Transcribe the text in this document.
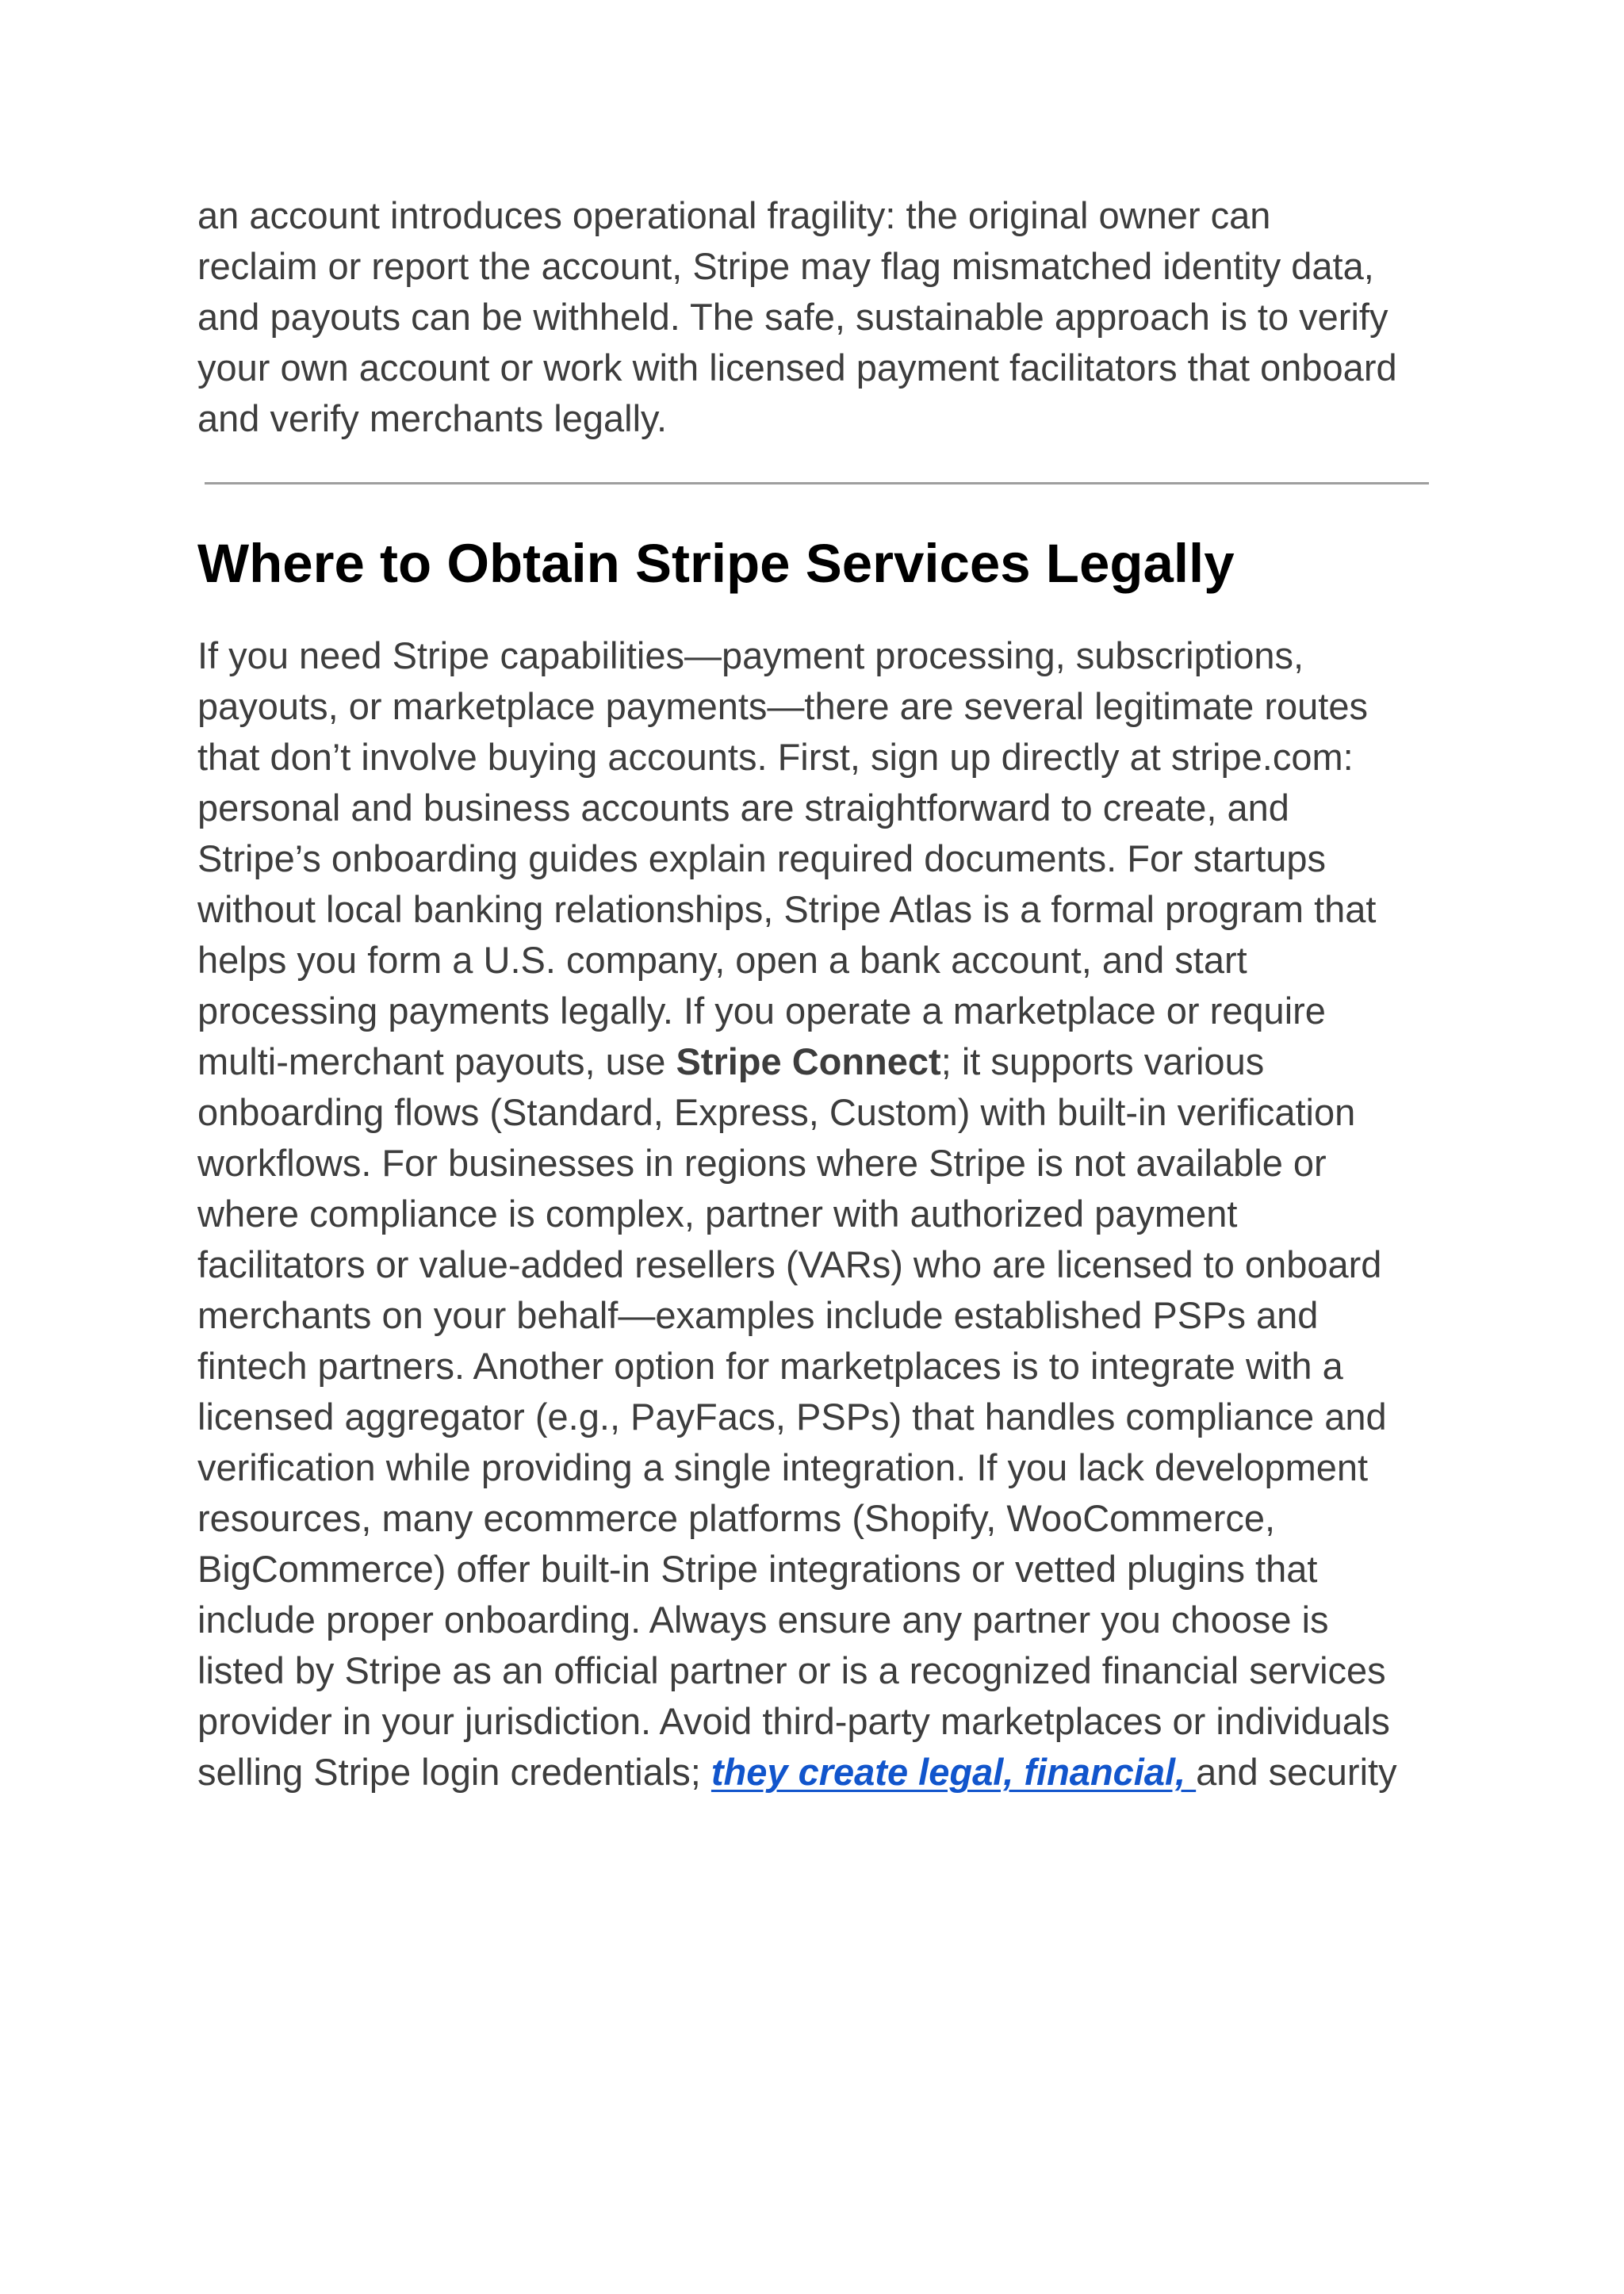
an account introduces operational fragility: the original owner can
reclaim or report the account, Stripe may flag mismatched identity data,
and payouts can be withheld. The safe, sustainable approach is to verify
your own account or work with licensed payment facilitators that onboard
and verify merchants legally.

Where to Obtain Stripe Services Legally

If you need Stripe capabilities—payment processing, subscriptions,
payouts, or marketplace payments—there are several legitimate routes
that don’t involve buying accounts. First, sign up directly at stripe.com:
personal and business accounts are straightforward to create, and
Stripe’s onboarding guides explain required documents. For startups
without local banking relationships, Stripe Atlas is a formal program that
helps you form a U.S. company, open a bank account, and start
processing payments legally. If you operate a marketplace or require
multi-merchant payouts, use Stripe Connect; it supports various
onboarding flows (Standard, Express, Custom) with built-in verification
workflows. For businesses in regions where Stripe is not available or
where compliance is complex, partner with authorized payment
facilitators or value-added resellers (VARs) who are licensed to onboard
merchants on your behalf—examples include established PSPs and
fintech partners. Another option for marketplaces is to integrate with a
licensed aggregator (e.g., PayFacs, PSPs) that handles compliance and
verification while providing a single integration. If you lack development
resources, many ecommerce platforms (Shopify, WooCommerce,
BigCommerce) offer built-in Stripe integrations or vetted plugins that
include proper onboarding. Always ensure any partner you choose is
listed by Stripe as an official partner or is a recognized financial services
provider in your jurisdiction. Avoid third-party marketplaces or individuals
selling Stripe login credentials; they create legal, financial, and security
